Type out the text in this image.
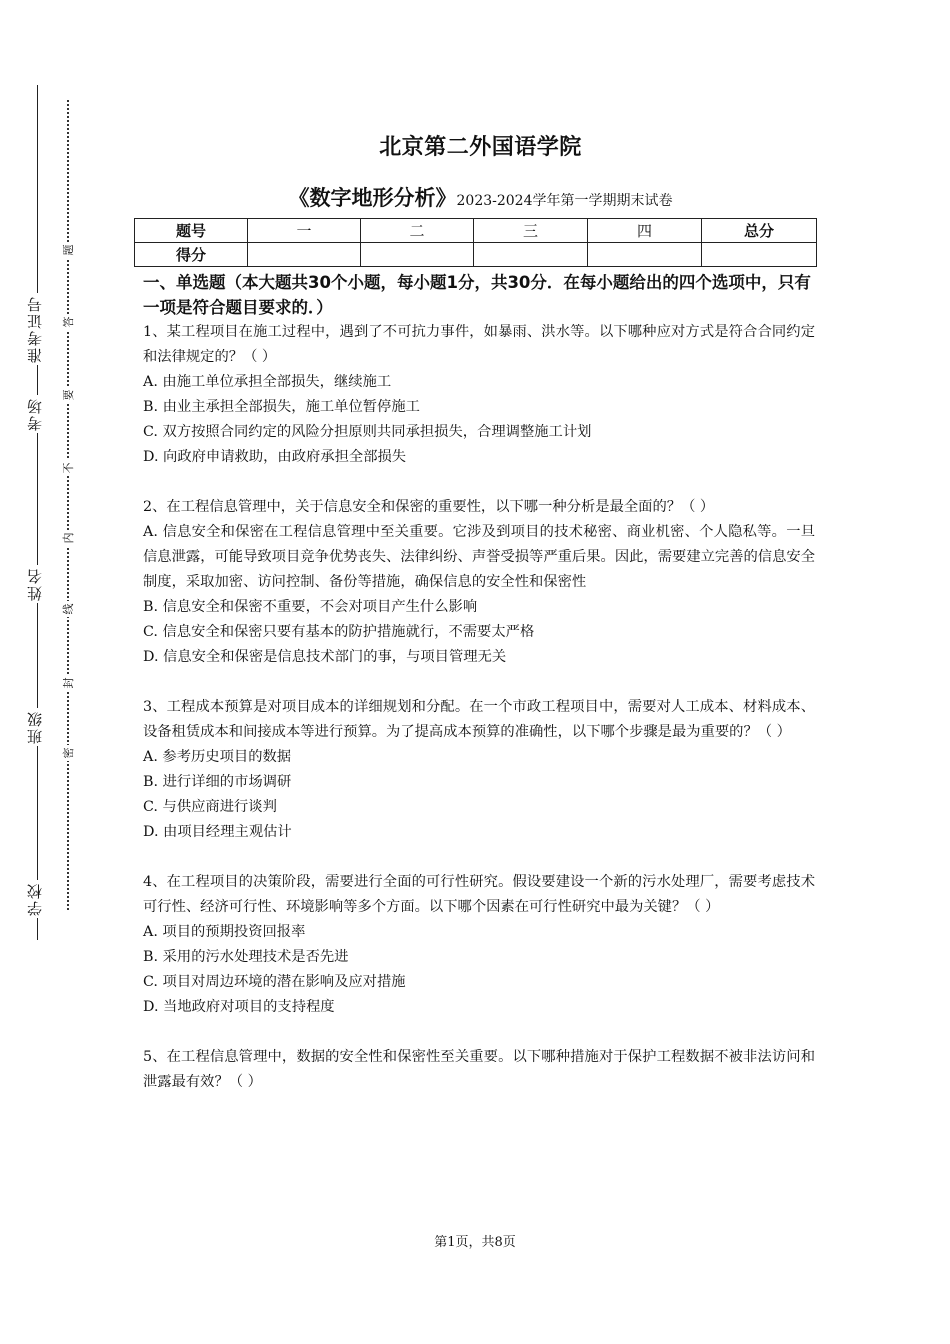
准考证号
考场
姓名
班级
学校
题
答
要
不
内
线
封
密
北京第二外国语学院
《数字地形分析》2023-2024学年第一学期期末试卷
题号	一	二	三	四	总分
得分					
一、单选题（本大题共30个小题，每小题1分，共30分．在每小题给出的四个选项中，只有一项是符合题目要求的．）
1、某工程项目在施工过程中，遇到了不可抗力事件，如暴雨、洪水等。以下哪种应对方式是符合合同约定和法律规定的？（ ）
A. 由施工单位承担全部损失，继续施工
B. 由业主承担全部损失，施工单位暂停施工
C. 双方按照合同约定的风险分担原则共同承担损失，合理调整施工计划
D. 向政府申请救助，由政府承担全部损失
2、在工程信息管理中，关于信息安全和保密的重要性，以下哪一种分析是最全面的？（ ）
A. 信息安全和保密在工程信息管理中至关重要。它涉及到项目的技术秘密、商业机密、个人隐私等。一旦信息泄露，可能导致项目竞争优势丧失、法律纠纷、声誉受损等严重后果。因此，需要建立完善的信息安全制度，采取加密、访问控制、备份等措施，确保信息的安全性和保密性
B. 信息安全和保密不重要，不会对项目产生什么影响
C. 信息安全和保密只要有基本的防护措施就行，不需要太严格
D. 信息安全和保密是信息技术部门的事，与项目管理无关
3、工程成本预算是对项目成本的详细规划和分配。在一个市政工程项目中，需要对人工成本、材料成本、设备租赁成本和间接成本等进行预算。为了提高成本预算的准确性，以下哪个步骤是最为重要的？（ ）
A. 参考历史项目的数据
B. 进行详细的市场调研
C. 与供应商进行谈判
D. 由项目经理主观估计
4、在工程项目的决策阶段，需要进行全面的可行性研究。假设要建设一个新的污水处理厂，需要考虑技术可行性、经济可行性、环境影响等多个方面。以下哪个因素在可行性研究中最为关键？（ ）
A. 项目的预期投资回报率
B. 采用的污水处理技术是否先进
C. 项目对周边环境的潜在影响及应对措施
D. 当地政府对项目的支持程度
5、在工程信息管理中，数据的安全性和保密性至关重要。以下哪种措施对于保护工程数据不被非法访问和泄露最有效？（ ）
第1页，共8页
